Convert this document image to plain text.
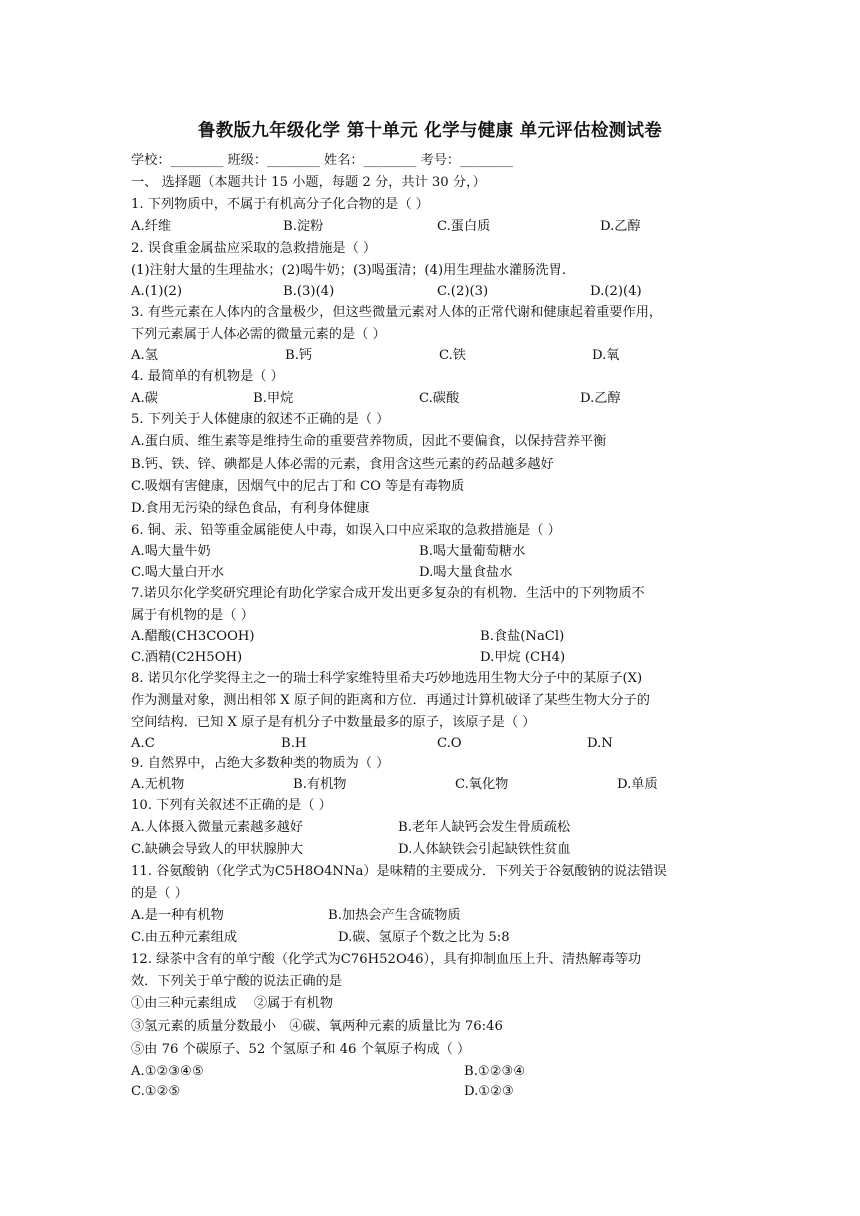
鲁教版九年级化学 第十单元 化学与健康 单元评估检测试卷
学校：________ 班级：________ 姓名：________ 考号：________
一、 选择题（本题共计 15 小题，每题 2 分，共计 30 分，）
1. 下列物质中，不属于有机高分子化合物的是（ ）
A.纤维	B.淀粉	C.蛋白质	D.乙醇
2. 误食重金属盐应采取的急救措施是（ ）
(1)注射大量的生理盐水；(2)喝牛奶；(3)喝蛋清；(4)用生理盐水灌肠洗胃.
A.(1)(2)	B.(3)(4)	C.(2)(3)	D.(2)(4)
3. 有些元素在人体内的含量极少，但这些微量元素对人体的正常代谢和健康起着重要作用，
下列元素属于人体必需的微量元素的是（ ）
A.氢	B.钙	C.铁	D.氧
4. 最简单的有机物是（ ）
A.碳	B.甲烷	C.碳酸	D.乙醇
5. 下列关于人体健康的叙述不正确的是（ ）
A.蛋白质、维生素等是维持生命的重要营养物质，因此不要偏食，以保持营养平衡
B.钙、铁、锌、碘都是人体必需的元素，食用含这些元素的药品越多越好
C.吸烟有害健康，因烟气中的尼古丁和 CO 等是有毒物质
D.食用无污染的绿色食品，有利身体健康
6. 铜、汞、铅等重金属能使人中毒，如误入口中应采取的急救措施是（ ）
A.喝大量牛奶	B.喝大量葡萄糖水
C.喝大量白开水	D.喝大量食盐水
7.诺贝尔化学奖研究理论有助化学家合成开发出更多复杂的有机物．生活中的下列物质不
属于有机物的是（ ）
A.醋酸(CH3COOH)	B.食盐(NaCl)
C.酒精(C2H5OH)	D.甲烷 (CH4)
8. 诺贝尔化学奖得主之一的瑞士科学家维特里希夫巧妙地选用生物大分子中的某原子(X)
作为测量对象，测出相邻 X 原子间的距离和方位．再通过计算机破译了某些生物大分子的
空间结构．已知 X 原子是有机分子中数量最多的原子，该原子是（ ）
A.C	B.H	C.O	D.N
9. 自然界中，占绝大多数种类的物质为（ ）
A.无机物	B.有机物	C.氧化物	D.单质
10. 下列有关叙述不正确的是（ ）
A.人体摄入微量元素越多越好	B.老年人缺钙会发生骨质疏松
C.缺碘会导致人的甲状腺肿大	D.人体缺铁会引起缺铁性贫血
11. 谷氨酸钠（化学式为C5H8O4NNa）是味精的主要成分．下列关于谷氨酸钠的说法错误
的是（ ）
A.是一种有机物	B.加热会产生含硫物质
C.由五种元素组成	D.碳、氢原子个数之比为 5:8
12. 绿茶中含有的单宁酸（化学式为C76H52O46），具有抑制血压上升、清热解毒等功
效．下列关于单宁酸的说法正确的是
①由三种元素组成　 ②属于有机物
③氢元素的质量分数最小　④碳、氧两种元素的质量比为 76:46
⑤由 76 个碳原子、52 个氢原子和 46 个氧原子构成（ ）
A.①②③④⑤	B.①②③④
C.①②⑤	D.①②③
